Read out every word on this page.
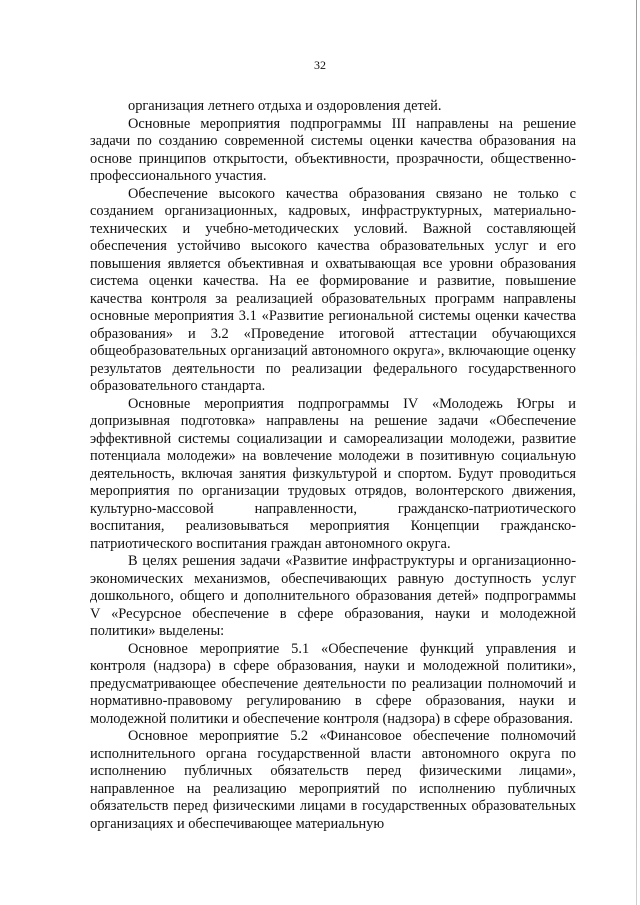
32

организация летнего отдыха и оздоровления детей.

Основные мероприятия подпрограммы III направлены на решение задачи по созданию современной системы оценки качества образования на основе принципов открытости, объективности, прозрачности, общественно-профессионального участия.

Обеспечение высокого качества образования связано не только с созданием организационных, кадровых, инфраструктурных, материально-технических и учебно-методических условий. Важной составляющей обеспечения устойчиво высокого качества образовательных услуг и его повышения является объективная и охватывающая все уровни образования система оценки качества. На ее формирование и развитие, повышение качества контроля за реализацией образовательных программ направлены основные мероприятия 3.1 «Развитие региональной системы оценки качества образования» и 3.2 «Проведение итоговой аттестации обучающихся общеобразовательных организаций автономного округа», включающие оценку результатов деятельности по реализации федерального государственного образовательного стандарта.

Основные мероприятия подпрограммы IV «Молодежь Югры и допризывная подготовка» направлены на решение задачи «Обеспечение эффективной системы социализации и самореализации молодежи, развитие потенциала молодежи» на вовлечение молодежи в позитивную социальную деятельность, включая занятия физкультурой и спортом. Будут проводиться мероприятия по организации трудовых отрядов, волонтерского движения, культурно-массовой направленности, гражданско-патриотического воспитания, реализовываться мероприятия Концепции гражданско-патриотического воспитания граждан автономного округа.

В целях решения задачи «Развитие инфраструктуры и организационно-экономических механизмов, обеспечивающих равную доступность услуг дошкольного, общего и дополнительного образования детей» подпрограммы V «Ресурсное обеспечение в сфере образования, науки и молодежной политики» выделены:

Основное мероприятие 5.1 «Обеспечение функций управления и контроля (надзора) в сфере образования, науки и молодежной политики», предусматривающее обеспечение деятельности по реализации полномочий и нормативно-правовому регулированию в сфере образования, науки и молодежной политики и обеспечение контроля (надзора) в сфере образования.

Основное мероприятие 5.2 «Финансовое обеспечение полномочий исполнительного органа государственной власти автономного округа по исполнению публичных обязательств перед физическими лицами», направленное на реализацию мероприятий по исполнению публичных обязательств перед физическими лицами в государственных образовательных организациях и обеспечивающее материальную
